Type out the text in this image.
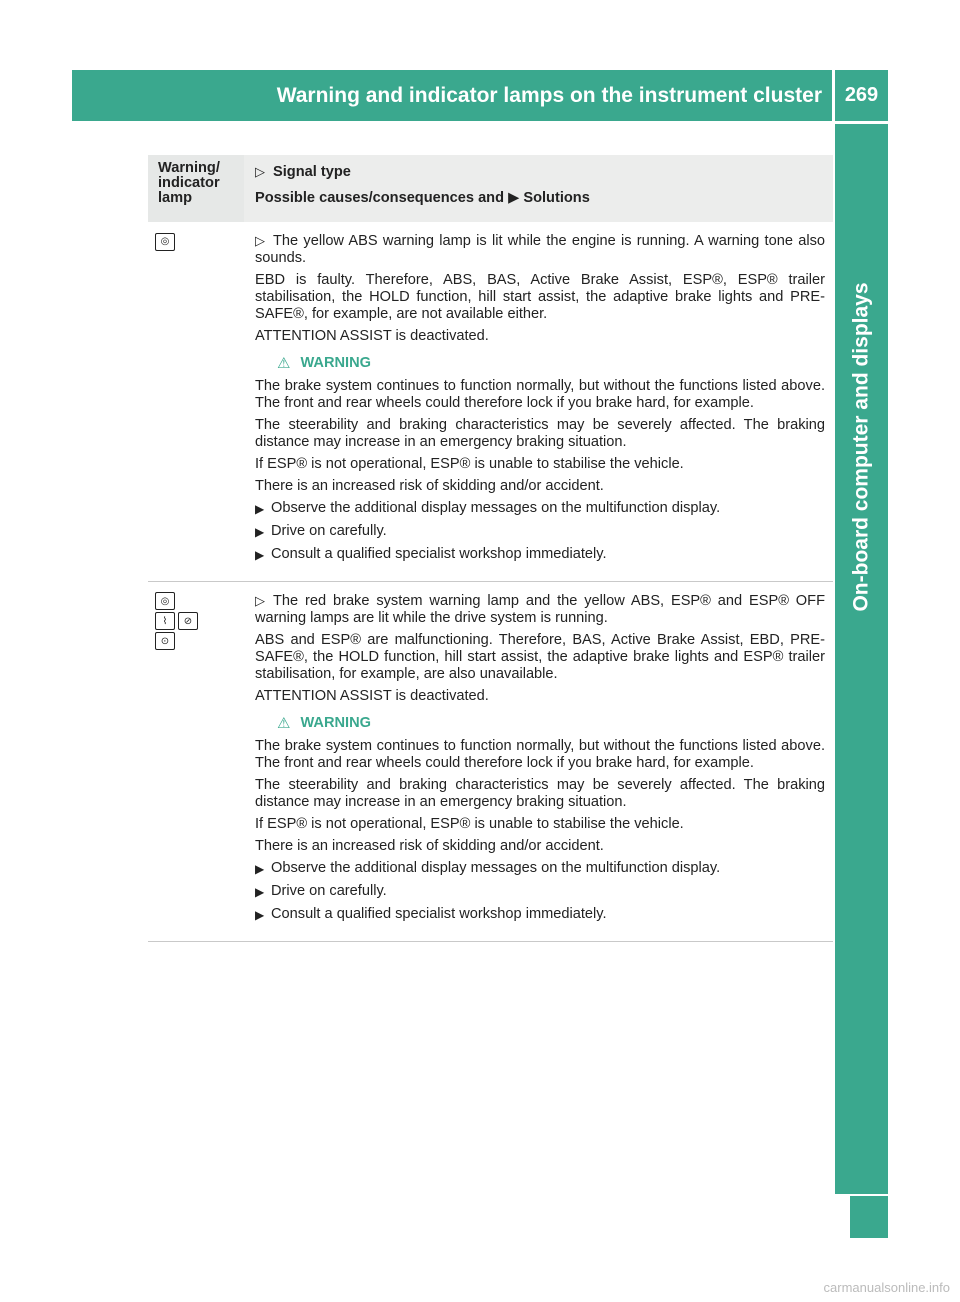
Warning and indicator lamps on the instrument cluster 269
On-board computer and displays
Warning/ indicator lamp
▷ Signal type
Possible causes/consequences and ▶ Solutions
◎	▷ The yellow ABS warning lamp is lit while the engine is running. A warning tone also sounds.

EBD is faulty. Therefore, ABS, BAS, Active Brake Assist, ESP®, ESP® trailer stabilisation, the HOLD function, hill start assist, the adaptive brake lights and PRE-SAFE®, for example, are not available either.

ATTENTION ASSIST is deactivated.

⚠ WARNING

The brake system continues to function normally, but without the functions listed above. The front and rear wheels could therefore lock if you brake hard, for example.

The steerability and braking characteristics may be severely affected. The braking distance may increase in an emergency braking situation.

If ESP® is not operational, ESP® is unable to stabilise the vehicle.

There is an increased risk of skidding and/or accident.

▶ Observe the additional display messages on the multifunction display.
▶ Drive on carefully.
▶ Consult a qualified specialist workshop immediately.
◎
⌇	⊘
⊙

▷ The red brake system warning lamp and the yellow ABS, ESP® and ESP® OFF warning lamps are lit while the drive system is running.

ABS and ESP® are malfunctioning. Therefore, BAS, Active Brake Assist, EBD, PRE-SAFE®, the HOLD function, hill start assist, the adaptive brake lights and ESP® trailer stabilisation, for example, are also unavailable.

ATTENTION ASSIST is deactivated.

⚠ WARNING

The brake system continues to function normally, but without the functions listed above. The front and rear wheels could therefore lock if you brake hard, for example.

The steerability and braking characteristics may be severely affected. The braking distance may increase in an emergency braking situation.

If ESP® is not operational, ESP® is unable to stabilise the vehicle.

There is an increased risk of skidding and/or accident.

▶ Observe the additional display messages on the multifunction display.
▶ Drive on carefully.
▶ Consult a qualified specialist workshop immediately.
carmanualsonline.info
